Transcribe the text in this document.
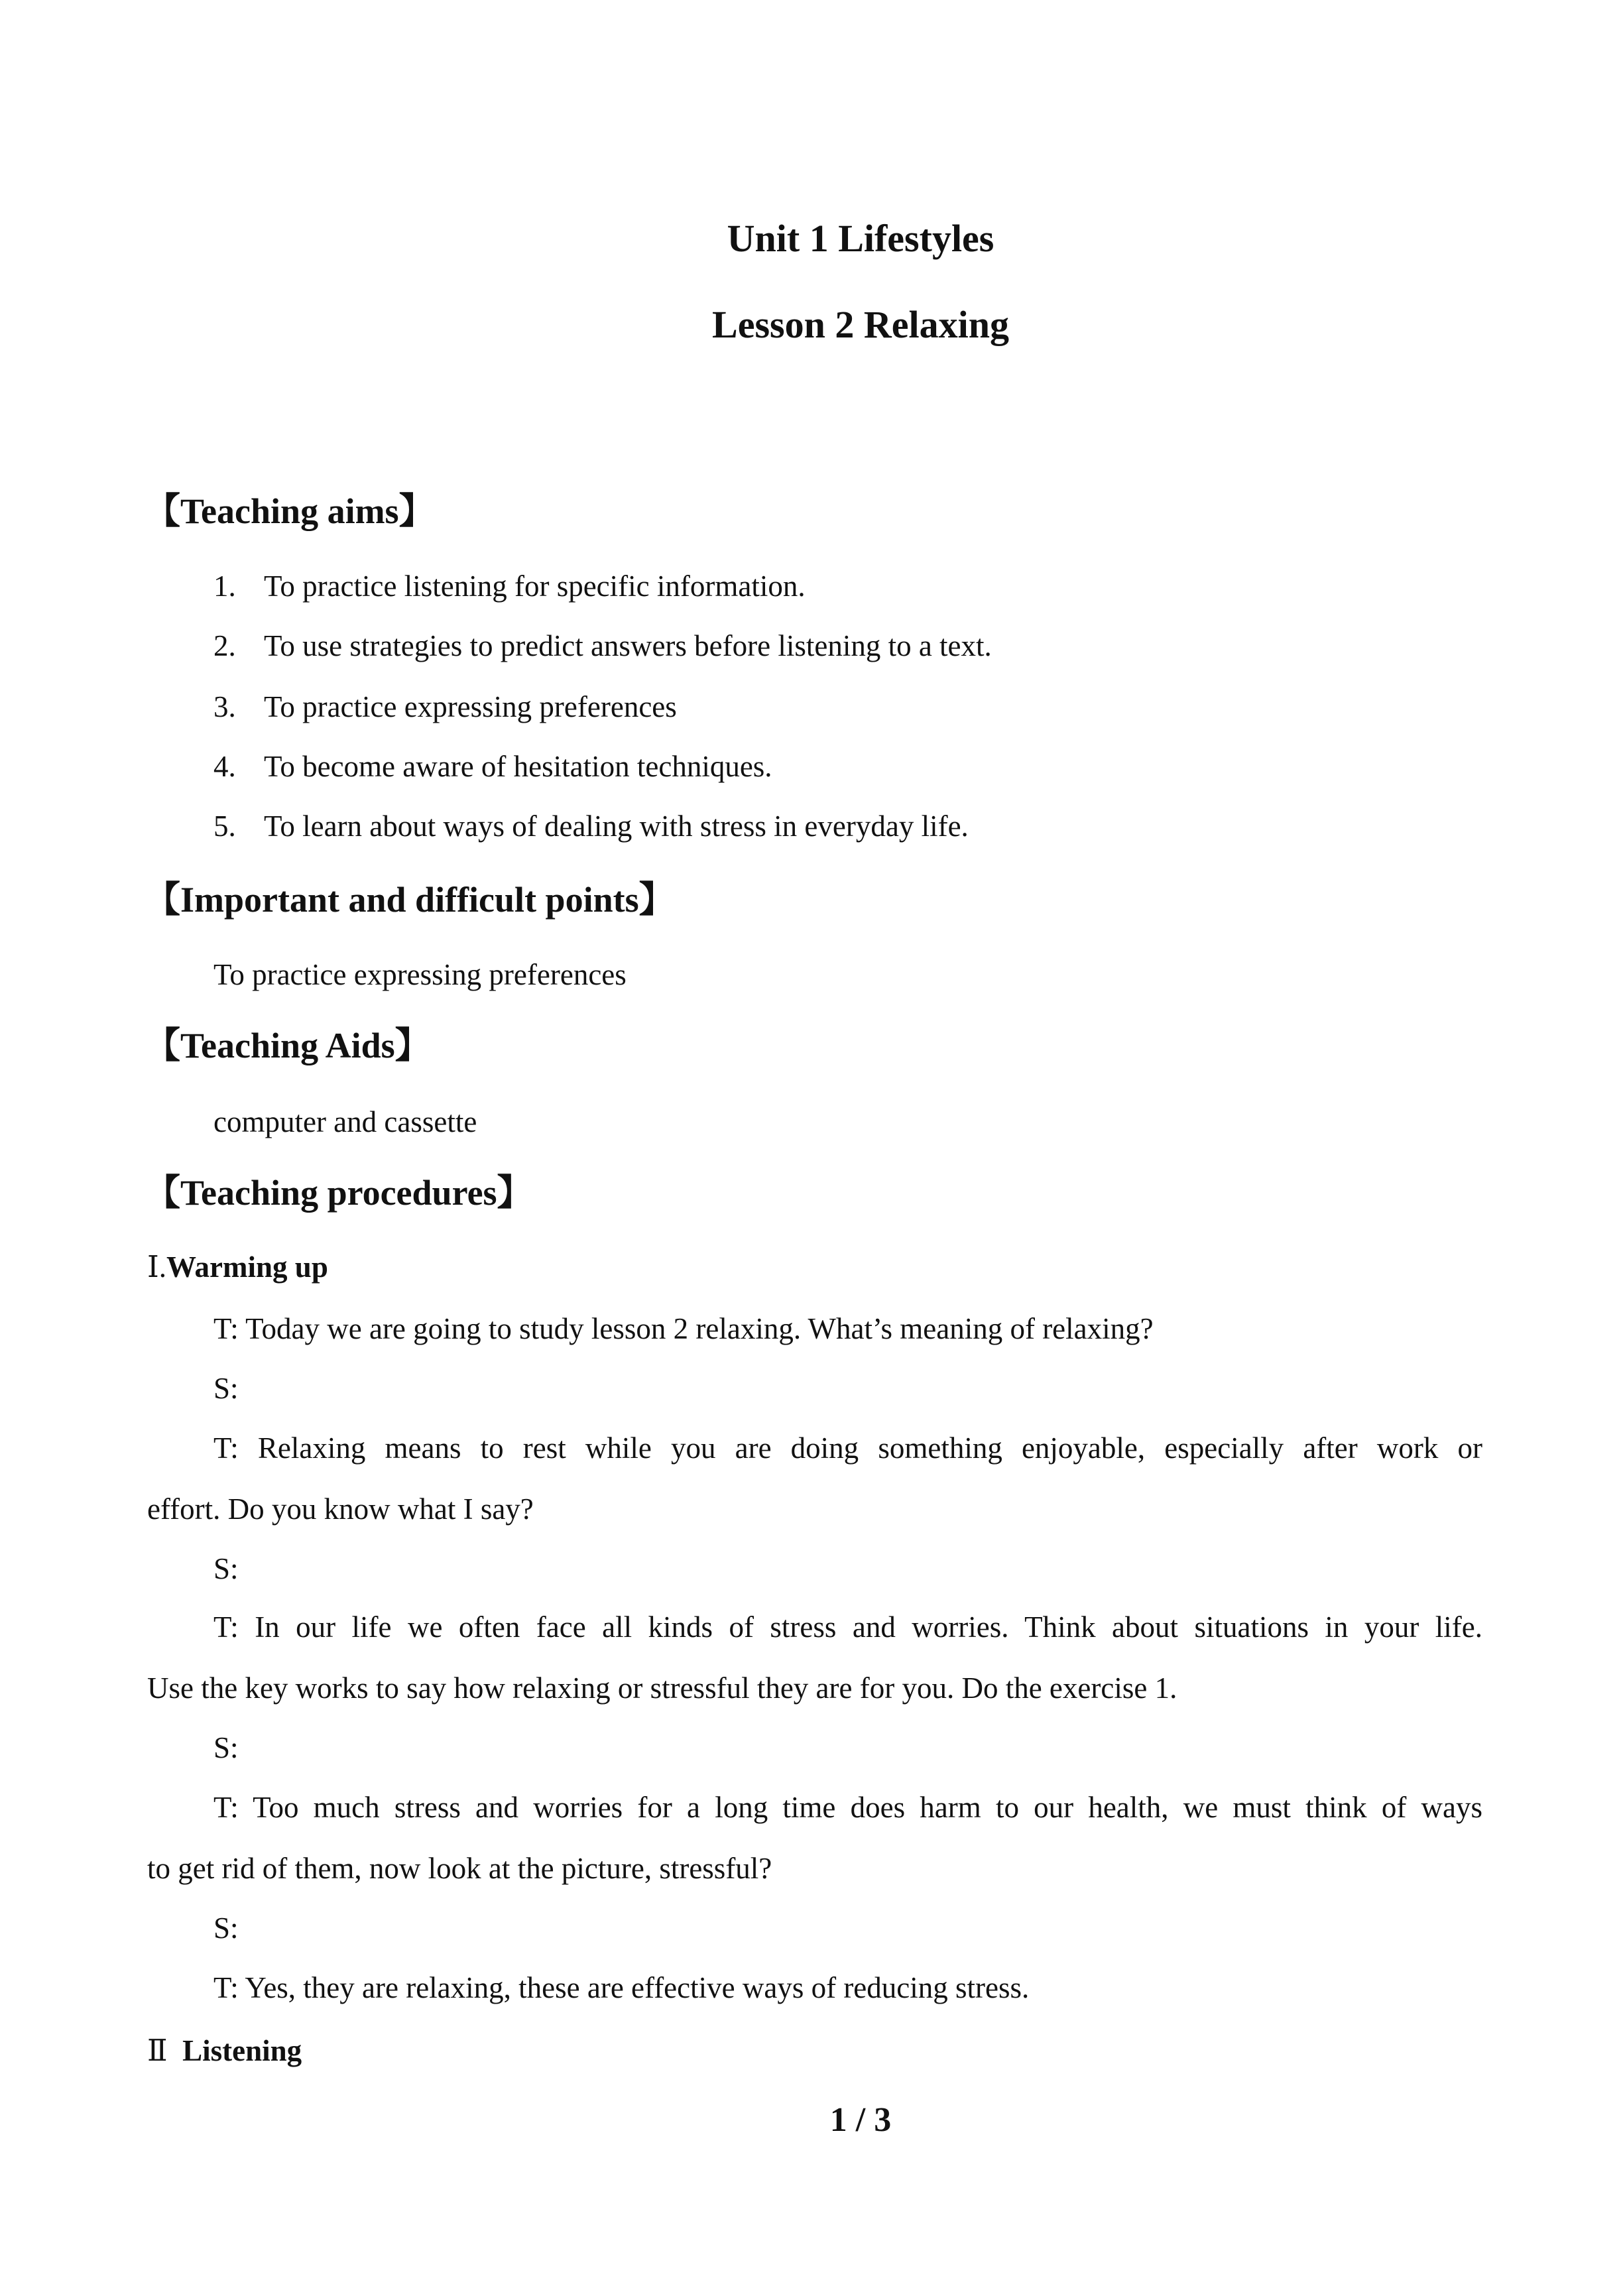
Unit 1 Lifestyles
Lesson 2 Relaxing
【Teaching aims】
1. To practice listening for specific information.
2. To use strategies to predict answers before listening to a text.
3. To practice expressing preferences
4. To become aware of hesitation techniques.
5. To learn about ways of dealing with stress in everyday life.
【Important and difficult points】
To practice expressing preferences
【Teaching Aids】
computer and cassette
【Teaching procedures】
Ⅰ.Warming up
T: Today we are going to study lesson 2 relaxing. What’s meaning of relaxing?
S:
T: Relaxing means to rest while you are doing something enjoyable, especially after work or
effort. Do you know what I say?
S:
T: In our life we often face all kinds of stress and worries. Think about situations in your life.
Use the key works to say how relaxing or stressful they are for you. Do the exercise 1.
S:
T: Too much stress and worries for a long time does harm to our health, we must think of ways
to get rid of them, now look at the picture, stressful?
S:
T: Yes, they are relaxing, these are effective ways of reducing stress.
Ⅱ Listening
1 / 3
